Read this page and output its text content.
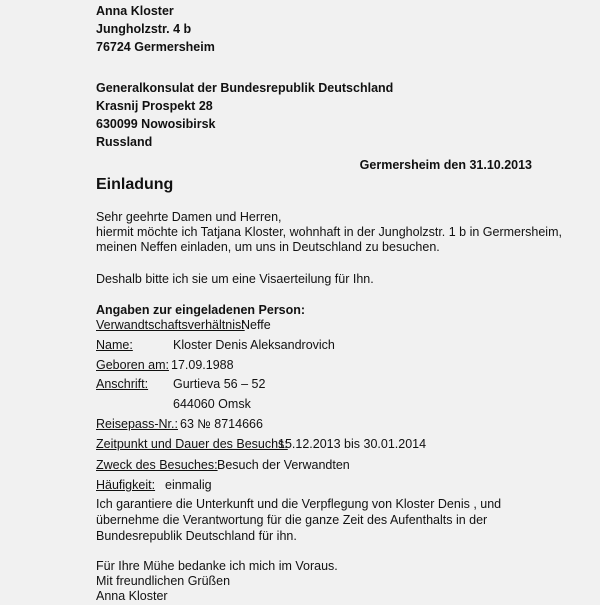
Anna Kloster
Jungholzstr. 4 b
76724 Germersheim
Generalkonsulat der Bundesrepublik Deutschland
Krasnij Prospekt 28
630099 Nowosibirsk
Russland
Germersheim den 31.10.2013
Einladung
Sehr geehrte Damen und Herren,
hiermit möchte ich Tatjana Kloster, wohnhaft in der Jungholzstr. 1 b in Germersheim,
meinen Neffen einladen, um uns in Deutschland zu besuchen.
Deshalb bitte ich sie um eine Visaerteilung für Ihn.
Angaben zur eingeladenen Person:
Verwandtschaftsverhältnis:
Neffe
Name:	Kloster Denis Aleksandrovich
Geboren am: 17.09.1988
Anschrift: Gurtieva 56 – 52
644060 Omsk
Reisepass-Nr.: 63 № 8714666
Zeitpunkt und Dauer des Besuchs:
15.12.2013 bis 30.01.2014
Zweck des Besuches: Besuch der Verwandten
Häufigkeit: einmalig
Ich garantiere die Unterkunft und die Verpflegung von Kloster Denis , und
übernehme die Verantwortung für die ganze Zeit des Aufenthalts in der
Bundesrepublik Deutschland für ihn.
Für Ihre Mühe bedanke ich mich im Voraus.
Mit freundlichen Grüßen
Anna Kloster
